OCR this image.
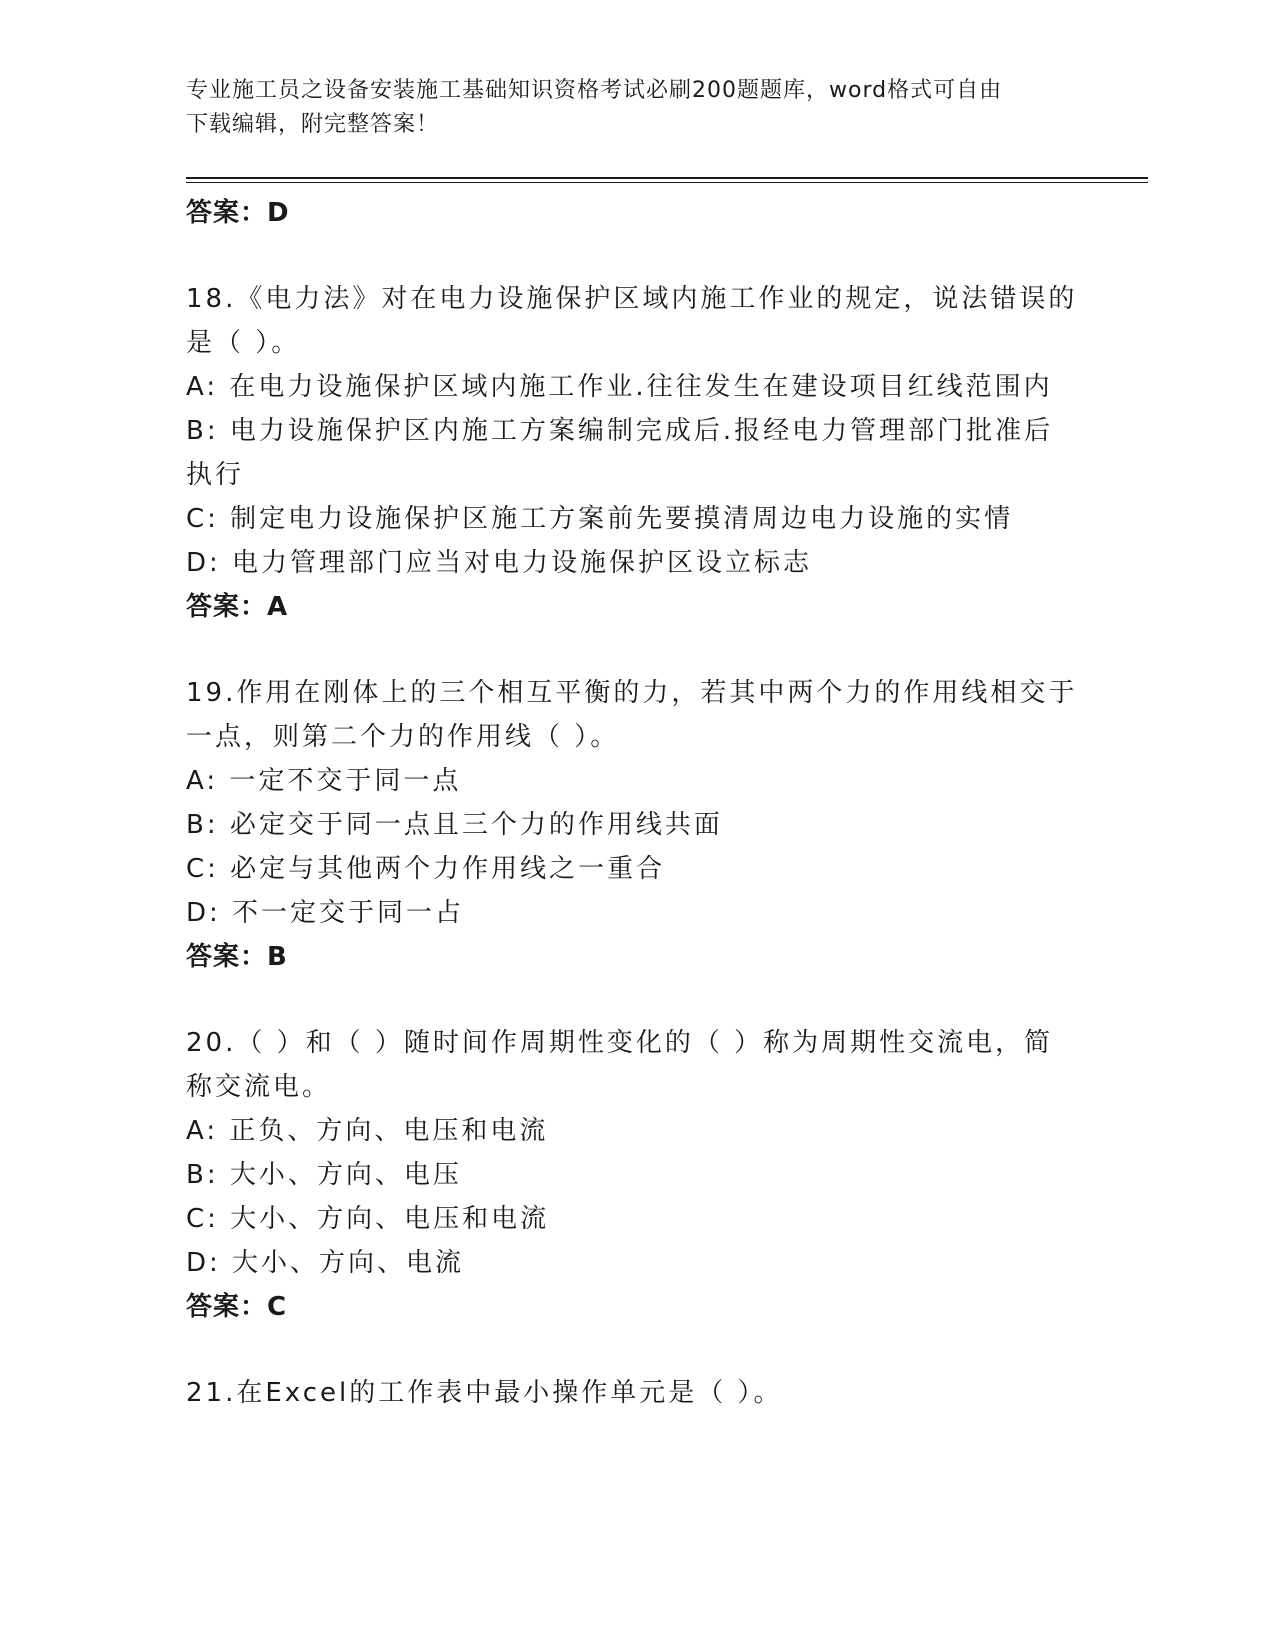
专业施工员之设备安装施工基础知识资格考试必刷200题题库，word格式可自由
下载编辑，附完整答案！
答案：D
18.《电力法》对在电力设施保护区域内施工作业的规定，说法错误的
是（ ）。
A: 在电力设施保护区域内施工作业.往往发生在建设项目红线范围内
B: 电力设施保护区内施工方案编制完成后.报经电力管理部门批准后
执行
C: 制定电力设施保护区施工方案前先要摸清周边电力设施的实情
D: 电力管理部门应当对电力设施保护区设立标志
答案：A
19.作用在刚体上的三个相互平衡的力，若其中两个力的作用线相交于
一点，则第二个力的作用线（ ）。
A: 一定不交于同一点
B: 必定交于同一点且三个力的作用线共面
C: 必定与其他两个力作用线之一重合
D: 不一定交于同一占
答案：B
20.（ ）和（ ）随时间作周期性变化的（ ）称为周期性交流电，简
称交流电。
A: 正负、方向、电压和电流
B: 大小、方向、电压
C: 大小、方向、电压和电流
D: 大小、方向、电流
答案：C
21.在Excel的工作表中最小操作单元是（ ）。
